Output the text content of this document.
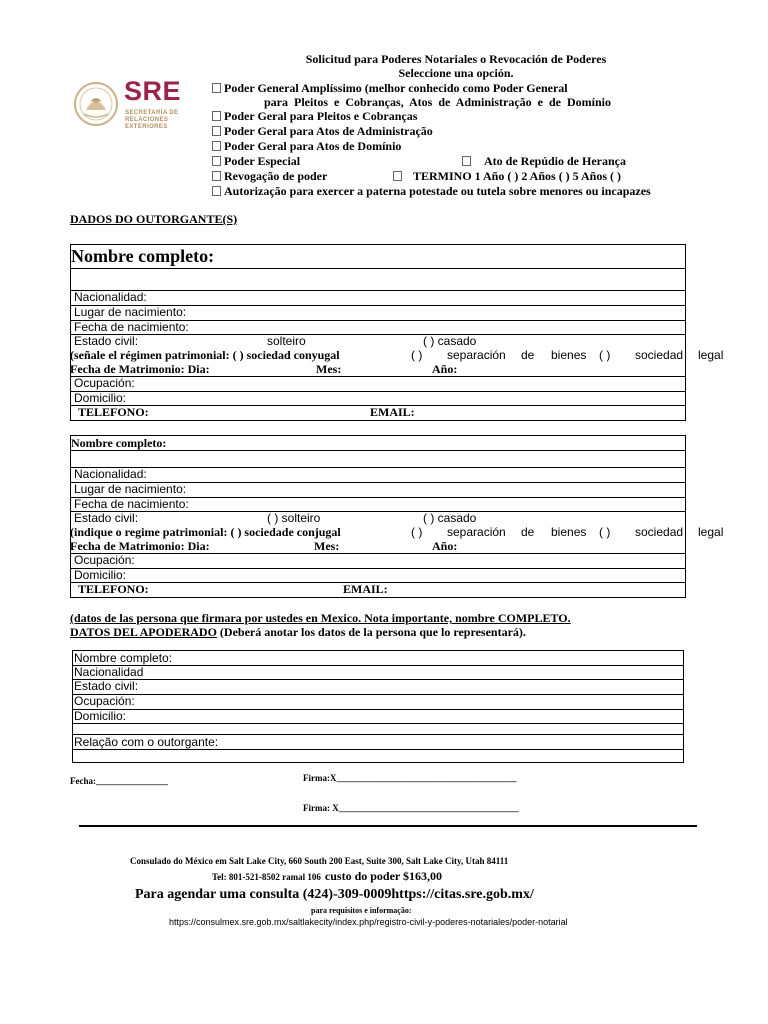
SRE
SECRETARÍA DE
RELACIONES
EXTERIORES
Solicitud para Poderes Notariales o Revocación de Poderes
Seleccione una opción.
Poder General Amplíssimo (melhor conhecido como Poder General
para Pleitos e Cobranças, Atos de Administração e de Domínio
Poder Geral para Pleitos e Cobranças
Poder Geral para Atos de Administração
Poder Geral para Atos de Domínio
Poder Especial	Ato de Repúdio de Herança
Revogação de poder	TERMINO 1 Año ( ) 2 Años ( ) 5 Años ( )
Autorização para exercer a paterna potestade ou tutela sobre menores ou incapazes
DADOS DO OUTORGANTE(S)
Nombre completo:
Nacionalidad:
Lugar de nacimiento:
Fecha de nacimiento:
Estado civil:	solteiro	( ) casado
(señale el régimen patrimonial: ( ) sociedad conyugal	( ) separación de bienes ( ) sociedad legal
Fecha de Matrimonio: Dia:	Mes:	Año:
Ocupación:
Domicilio:
TELEFONO:	EMAIL:
Nombre completo:
Nacionalidad:
Lugar de nacimiento:
Fecha de nacimiento:
Estado civil:	( ) solteiro	( ) casado
(indique o regime patrimonial: ( ) sociedade conjugal	( ) separación de bienes ( ) sociedad legal
Fecha de Matrimonio: Dia:	Mes:	Año:
Ocupación:
Domicilio:
TELEFONO:	EMAIL:
(datos de las persona que firmara por ustedes en Mexico. Nota importante, nombre COMPLETO.
DATOS DEL APODERADO (Deberá anotar los datos de la persona que lo representará).
Nombre completo:
Nacionalidad
Estado civil:
Ocupación:
Domicilio:
Relação com o outorgante:
Fecha:________________	Firma:X________________________________________
Firma: X________________________________________
Consulado do México em Salt Lake City, 660 South 200 East, Suite 300, Salt Lake City, Utah 84111
Tel: 801-521-8502 ramal 106 custo do poder $163,00
Para agendar uma consulta (424)-309-0009https://citas.sre.gob.mx/
para requisitos e informação:
https://consulmex.sre.gob.mx/saltlakecity/index.php/registro-civil-y-poderes-notariales/poder-notarial
